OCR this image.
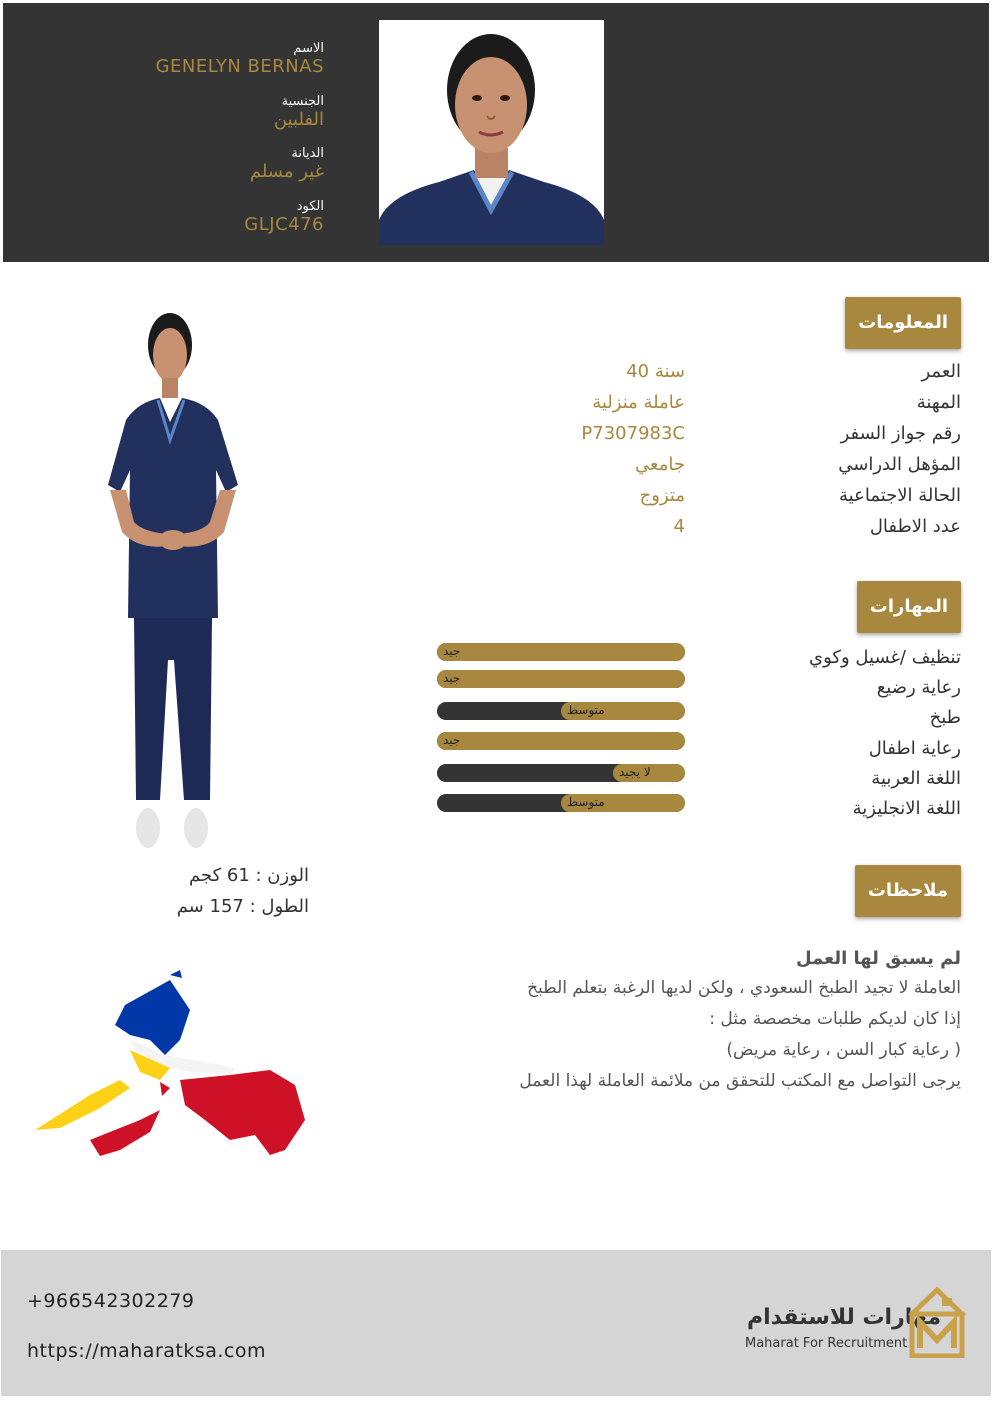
الاسم
GENELYN BERNAS
الجنسية
الفلبين
الديانة
غير مسلم
الكود
GLJC476
المعلومات
العمر
40 سنة
المهنة
عاملة منزلية
رقم جواز السفر
P7307983C
المؤهل الدراسي
جامعي
الحالة الاجتماعية
متزوج
عدد الاطفال
4
المهارات
تنظيف /غسيل وكوي
جيد
رعاية رضيع
جيد
طبخ
متوسط
رعاية اطفال
جيد
اللغة العربية
لا يجيد
اللغة الانجليزية
متوسط
ملاحظات
لم يسبق لها العمل
العاملة لا تجيد الطبخ السعودي ، ولكن لديها الرغبة بتعلم الطبخ
إذا كان لديكم طلبات مخصصة مثل :
( رعاية كبار السن ، رعاية مريض)
يرجى التواصل مع المكتب للتحقق من ملائمة العاملة لهذا العمل
الوزن : 61 كجم
الطول : 157 سم
+966542302279
https://maharatksa.com
مهارات للاستقدام
Maharat For Recruitment
